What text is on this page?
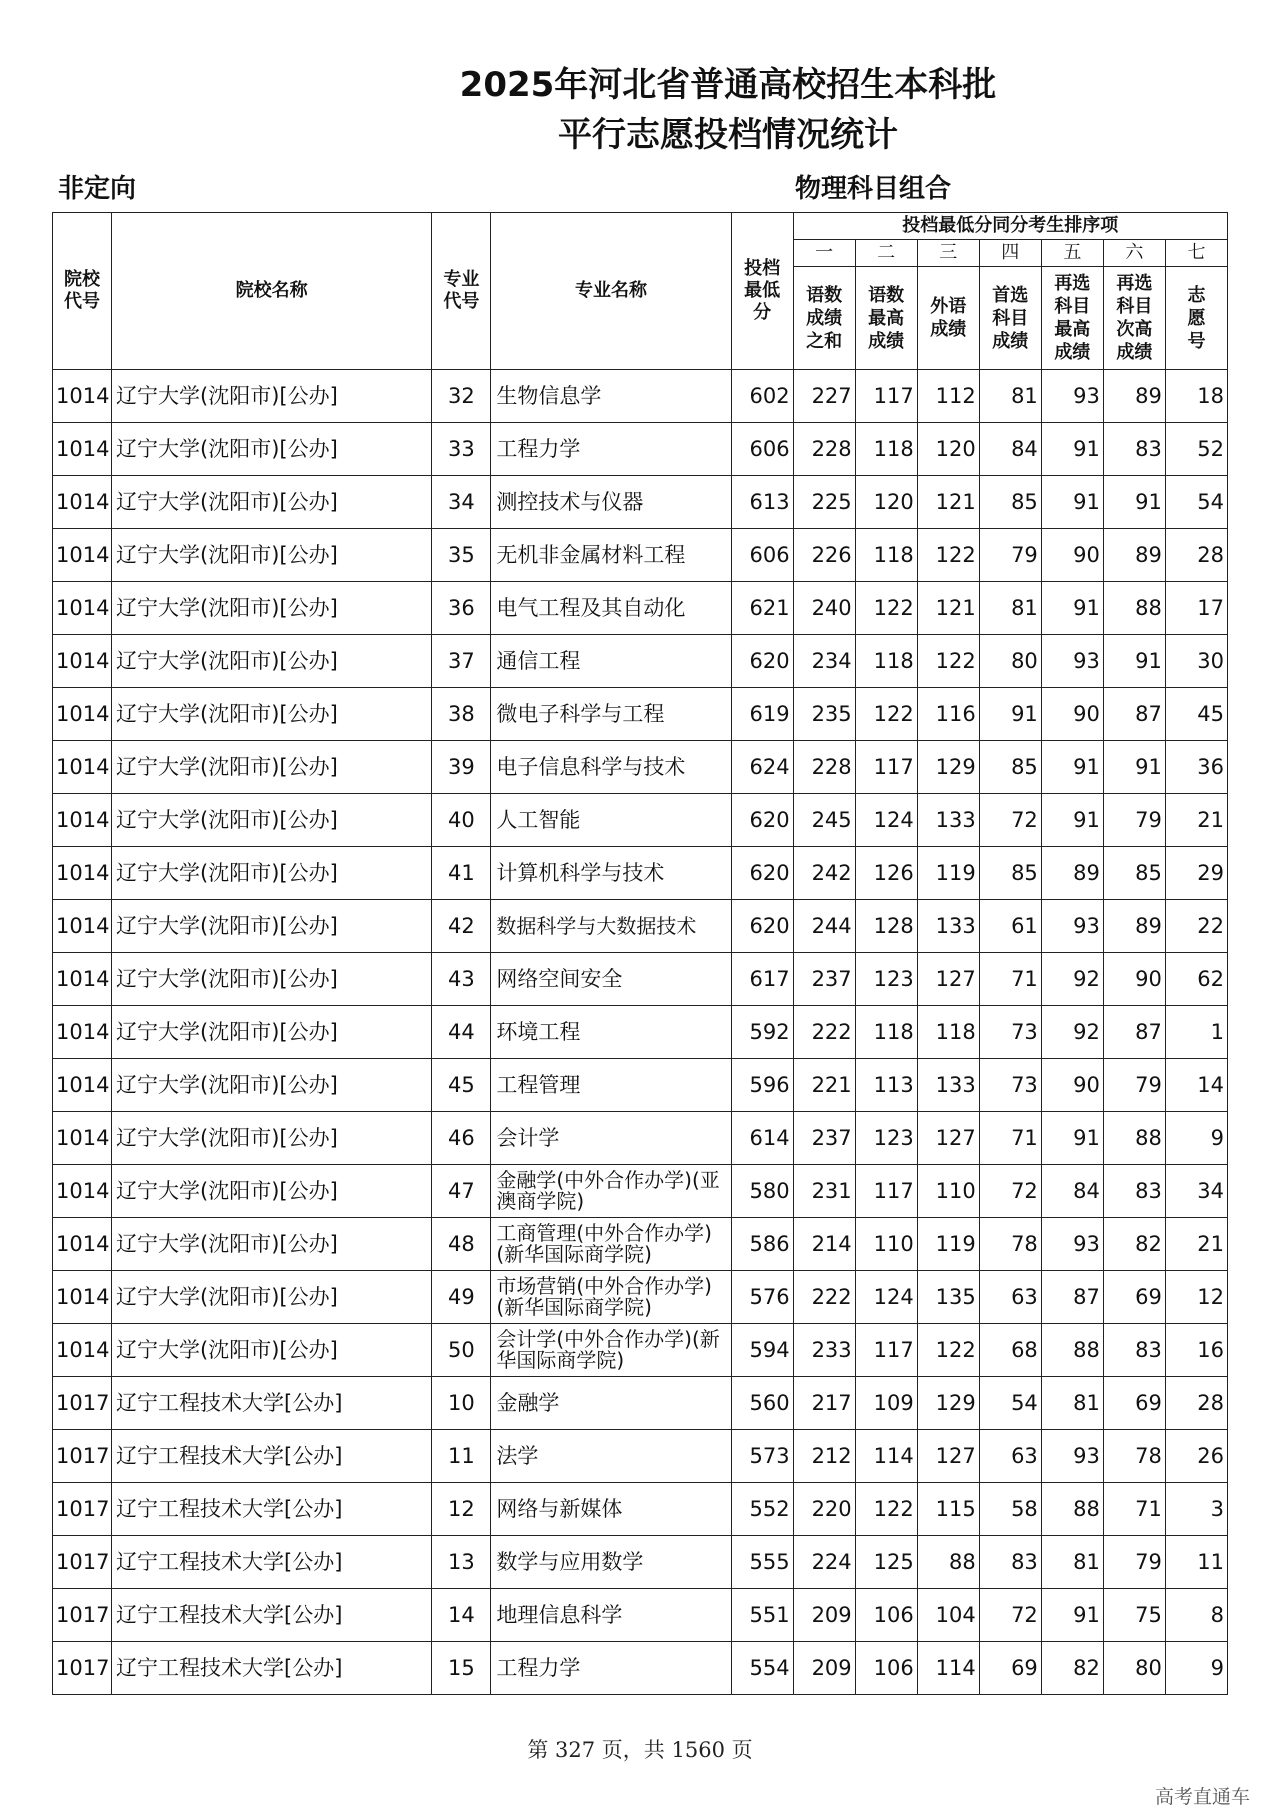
2025年河北省普通高校招生本科批
平行志愿投档情况统计
非定向	物理科目组合
院校代号	院校名称	专业代号	专业名称	投档最低分	投档最低分同分考生排序项						
					一	二	三	四	五	六	七
					语数成绩之和	语数最高成绩	外语成绩	首选科目成绩	再选科目最高成绩	再选科目次高成绩	志愿号
1014	辽宁大学(沈阳市)[公办]	32	生物信息学	602	227	117	112	81	93	89	18
1014	辽宁大学(沈阳市)[公办]	33	工程力学	606	228	118	120	84	91	83	52
1014	辽宁大学(沈阳市)[公办]	34	测控技术与仪器	613	225	120	121	85	91	91	54
1014	辽宁大学(沈阳市)[公办]	35	无机非金属材料工程	606	226	118	122	79	90	89	28
1014	辽宁大学(沈阳市)[公办]	36	电气工程及其自动化	621	240	122	121	81	91	88	17
1014	辽宁大学(沈阳市)[公办]	37	通信工程	620	234	118	122	80	93	91	30
1014	辽宁大学(沈阳市)[公办]	38	微电子科学与工程	619	235	122	116	91	90	87	45
1014	辽宁大学(沈阳市)[公办]	39	电子信息科学与技术	624	228	117	129	85	91	91	36
1014	辽宁大学(沈阳市)[公办]	40	人工智能	620	245	124	133	72	91	79	21
1014	辽宁大学(沈阳市)[公办]	41	计算机科学与技术	620	242	126	119	85	89	85	29
1014	辽宁大学(沈阳市)[公办]	42	数据科学与大数据技术	620	244	128	133	61	93	89	22
1014	辽宁大学(沈阳市)[公办]	43	网络空间安全	617	237	123	127	71	92	90	62
1014	辽宁大学(沈阳市)[公办]	44	环境工程	592	222	118	118	73	92	87	1
1014	辽宁大学(沈阳市)[公办]	45	工程管理	596	221	113	133	73	90	79	14
1014	辽宁大学(沈阳市)[公办]	46	会计学	614	237	123	127	71	91	88	9
1014	辽宁大学(沈阳市)[公办]	47	金融学(中外合作办学)(亚澳商学院)	580	231	117	110	72	84	83	34
1014	辽宁大学(沈阳市)[公办]	48	工商管理(中外合作办学)(新华国际商学院)	586	214	110	119	78	93	82	21
1014	辽宁大学(沈阳市)[公办]	49	市场营销(中外合作办学)(新华国际商学院)	576	222	124	135	63	87	69	12
1014	辽宁大学(沈阳市)[公办]	50	会计学(中外合作办学)(新华国际商学院)	594	233	117	122	68	88	83	16
1017	辽宁工程技术大学[公办]	10	金融学	560	217	109	129	54	81	69	28
1017	辽宁工程技术大学[公办]	11	法学	573	212	114	127	63	93	78	26
1017	辽宁工程技术大学[公办]	12	网络与新媒体	552	220	122	115	58	88	71	3
1017	辽宁工程技术大学[公办]	13	数学与应用数学	555	224	125	88	83	81	79	11
1017	辽宁工程技术大学[公办]	14	地理信息科学	551	209	106	104	72	91	75	8
1017	辽宁工程技术大学[公办]	15	工程力学	554	209	106	114	69	82	80	9
第 327 页，共 1560 页
高考直通车
